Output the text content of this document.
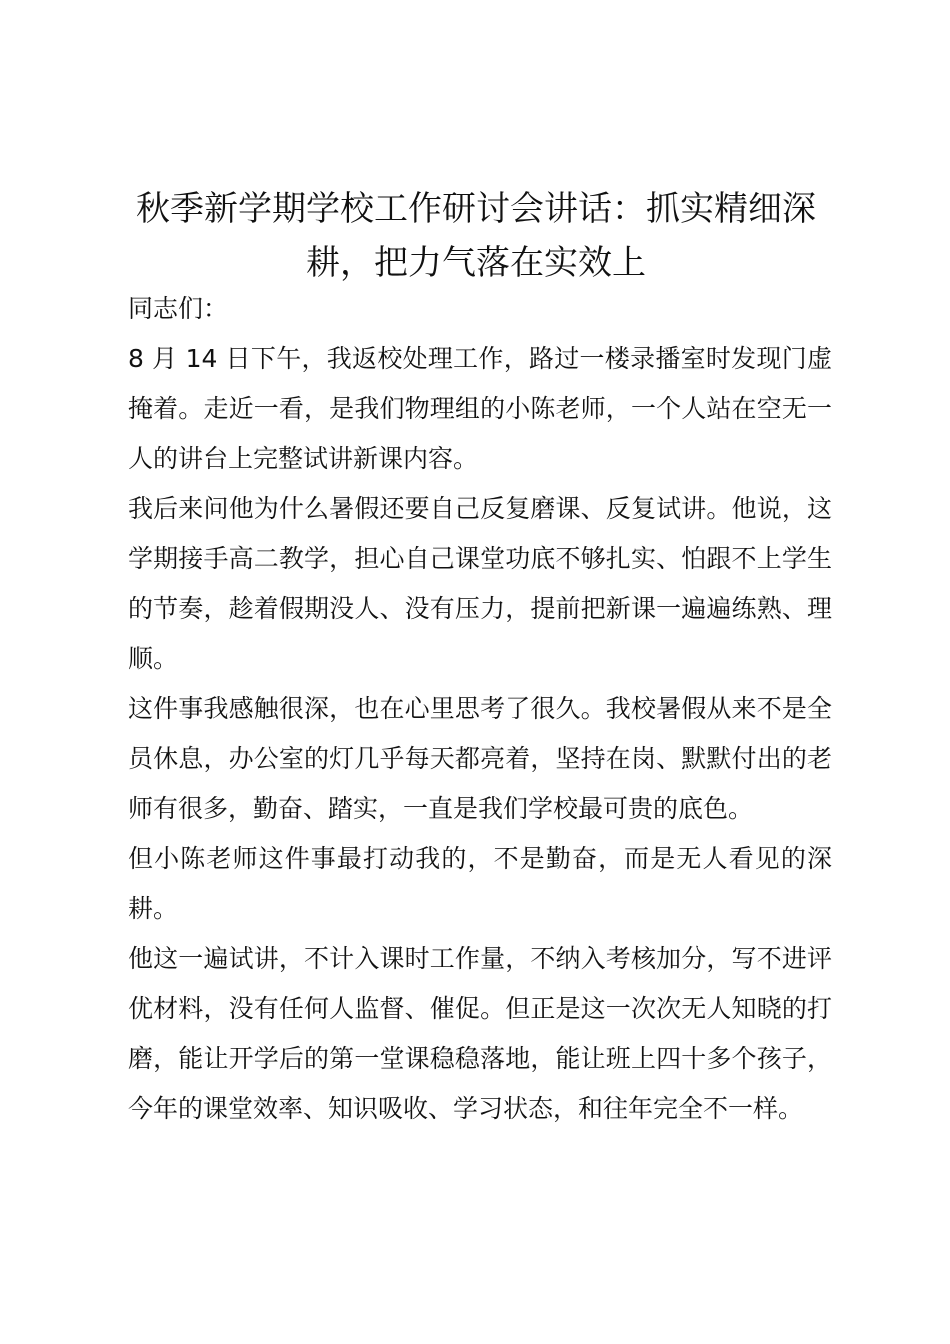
秋季新学期学校工作研讨会讲话：抓实精细深耕，把力气落在实效上

同志们：

8 月 14 日下午，我返校处理工作，路过一楼录播室时发现门虚掩着。走近一看，是我们物理组的小陈老师，一个人站在空无一人的讲台上完整试讲新课内容。

我后来问他为什么暑假还要自己反复磨课、反复试讲。他说，这学期接手高二教学，担心自己课堂功底不够扎实、怕跟不上学生的节奏，趁着假期没人、没有压力，提前把新课一遍遍练熟、理顺。

这件事我感触很深，也在心里思考了很久。我校暑假从来不是全员休息，办公室的灯几乎每天都亮着，坚持在岗、默默付出的老师有很多，勤奋、踏实，一直是我们学校最可贵的底色。

但小陈老师这件事最打动我的，不是勤奋，而是无人看见的深耕。

他这一遍试讲，不计入课时工作量，不纳入考核加分，写不进评优材料，没有任何人监督、催促。但正是这一次次无人知晓的打磨，能让开学后的第一堂课稳稳落地，能让班上四十多个孩子，今年的课堂效率、知识吸收、学习状态，和往年完全不一样。
